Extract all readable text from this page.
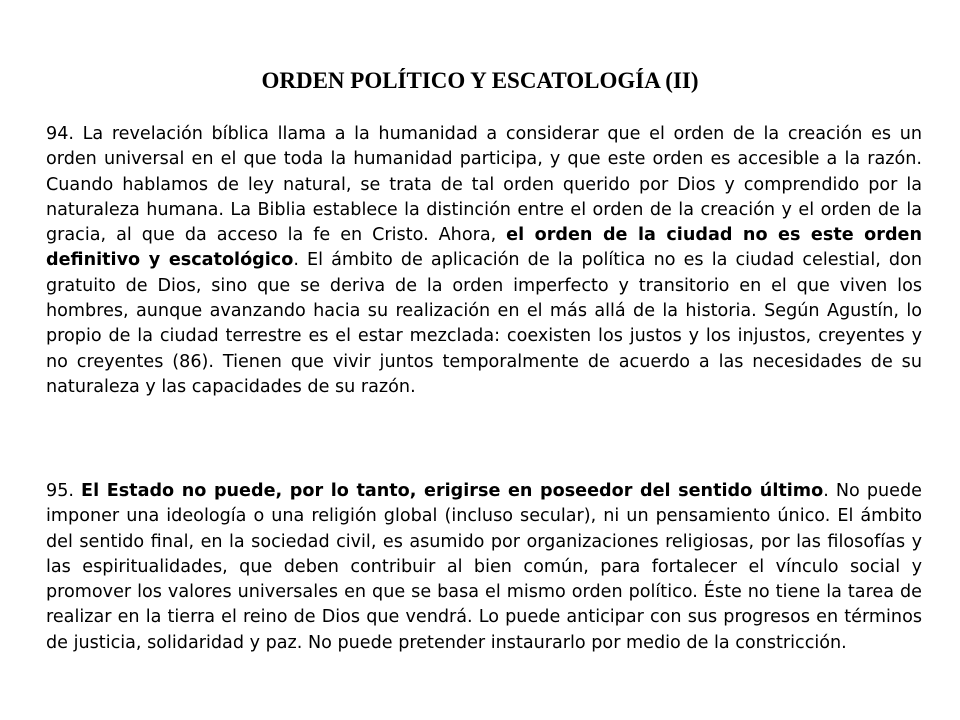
ORDEN POLÍTICO Y ESCATOLOGÍA (II)

94. La revelación bíblica llama a la humanidad a considerar que el orden de la creación es un orden universal en el que toda la humanidad participa, y que este orden es accesible a la razón. Cuando hablamos de ley natural, se trata de tal orden querido por Dios y comprendido por la naturaleza humana. La Biblia establece la distinción entre el orden de la creación y el orden de la gracia, al que da acceso la fe en Cristo. Ahora, el orden de la ciudad no es este orden definitivo y escatológico. El ámbito de aplicación de la política no es la ciudad celestial, don gratuito de Dios, sino que se deriva de la orden imperfecto y transitorio en el que viven los hombres, aunque avanzando hacia su realización en el más allá de la historia. Según Agustín, lo propio de la ciudad terrestre es el estar mezclada: coexisten los justos y los injustos, creyentes y no creyentes (86). Tienen que vivir juntos temporalmente de acuerdo a las necesidades de su naturaleza y las capacidades de su razón.

95. El Estado no puede, por lo tanto, erigirse en poseedor del sentido último. No puede imponer una ideología o una religión global (incluso secular), ni un pensamiento único. El ámbito del sentido final, en la sociedad civil, es asumido por organizaciones religiosas, por las filosofías y las espiritualidades, que deben contribuir al bien común, para fortalecer el vínculo social y promover los valores universales en que se basa el mismo orden político. Éste no tiene la tarea de realizar en la tierra el reino de Dios que vendrá. Lo puede anticipar con sus progresos en términos de justicia, solidaridad y paz. No puede pretender instaurarlo por medio de la constricción.
